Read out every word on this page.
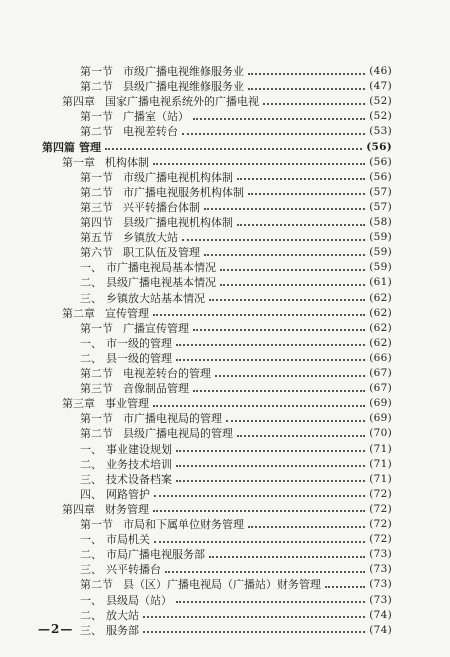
第一节 市级广播电视维修服务业	(46)
第二节 县级广播电视维修服务业	(47)
第四章 国家广播电视系统外的广播电视	(52)
第一节 广播室（站）	(52)
第二节 电视差转台	(53)
第四篇 管理	(56)
第一章 机构体制	(56)
第一节 市级广播电视机构体制	(56)
第二节 市广播电视服务机构体制	(57)
第三节 兴平转播台体制	(57)
第四节 县级广播电视机构体制	(58)
第五节 乡镇放大站	(59)
第六节 职工队伍及管理	(59)
一、 市广播电视局基本情况	(59)
二、 县级广播电视基本情况	(61)
三、 乡镇放大站基本情况	(62)
第二章 宣传管理	(62)
第一节 广播宣传管理	(62)
一、 市一级的管理	(62)
二、 县一级的管理	(66)
第二节 电视差转台的管理	(67)
第三节 音像制品管理	(67)
第三章 事业管理	(69)
第一节 市广播电视局的管理	(69)
第二节 县级广播电视局的管理	(70)
一、 事业建设规划	(71)
二、 业务技术培训	(71)
三、 技术设备档案	(71)
四、 网路管护	(72)
第四章 财务管理	(72)
第一节 市局和下属单位财务管理	(72)
一、 市局机关	(72)
二、 市局广播电视服务部	(73)
三、 兴平转播台	(73)
第二节 县（区）广播电视局（广播站）财务管理	(73)
一、 县级局（站）	(73)
二、 放大站	(74)
三、 服务部	(74)
—2—
